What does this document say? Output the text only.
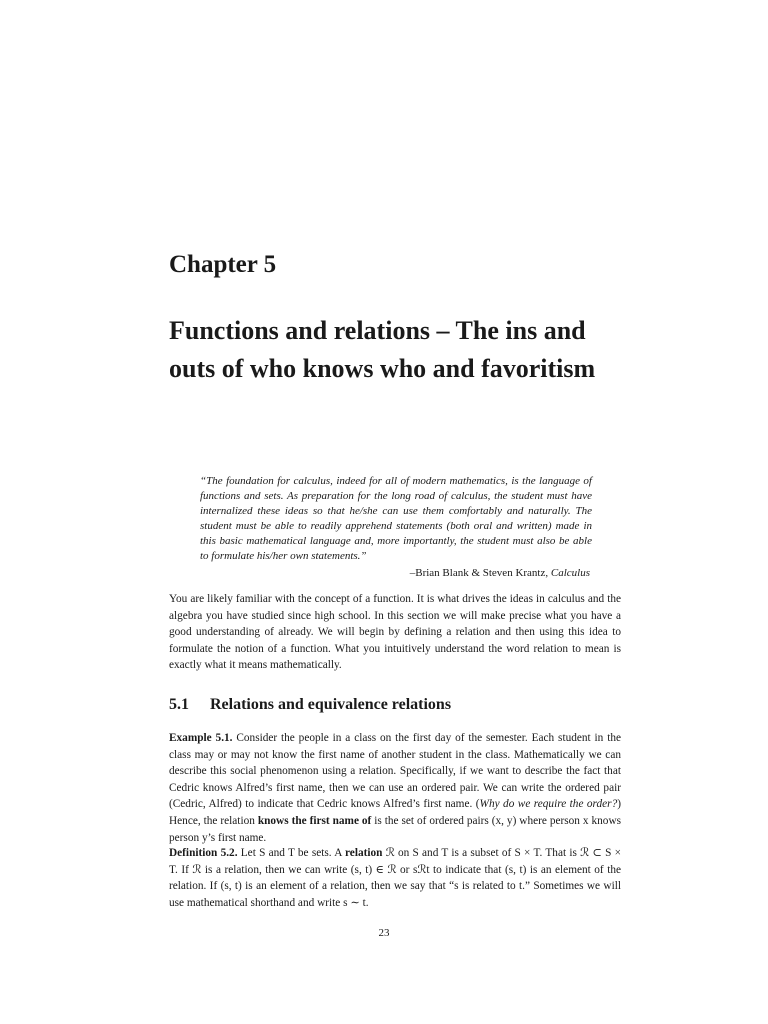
Chapter 5
Functions and relations – The ins and outs of who knows who and favoritism

“The foundation for calculus, indeed for all of modern mathematics, is the language of functions and sets. As preparation for the long road of calculus, the student must have internalized these ideas so that he/she can use them comfortably and naturally. The student must be able to readily apprehend statements (both oral and written) made in this basic mathematical language and, more importantly, the student must also be able to formulate his/her own statements.”

–Brian Blank & Steven Krantz, Calculus

You are likely familiar with the concept of a function. It is what drives the ideas in calculus and the algebra you have studied since high school. In this section we will make precise what you have a good understanding of already. We will begin by defining a relation and then using this idea to formulate the notion of a function. What you intuitively understand the word relation to mean is exactly what it means mathematically.

5.1 Relations and equivalence relations

Example 5.1. Consider the people in a class on the first day of the semester. Each student in the class may or may not know the first name of another student in the class. Mathematically we can describe this social phenomenon using a relation. Specifically, if we want to describe the fact that Cedric knows Alfred’s first name, then we can use an ordered pair. We can write the ordered pair (Cedric, Alfred) to indicate that Cedric knows Alfred’s first name. (Why do we require the order?) Hence, the relation knows the first name of is the set of ordered pairs (x, y) where person x knows person y’s first name.

Definition 5.2. Let S and T be sets. A relation ℛ on S and T is a subset of S × T. That is ℛ ⊂ S × T. If ℛ is a relation, then we can write (s, t) ∈ ℛ or sℛt to indicate that (s, t) is an element of the relation. If (s, t) is an element of a relation, then we say that “s is related to t.” Sometimes we will use mathematical shorthand and write s ∼ t.

23
